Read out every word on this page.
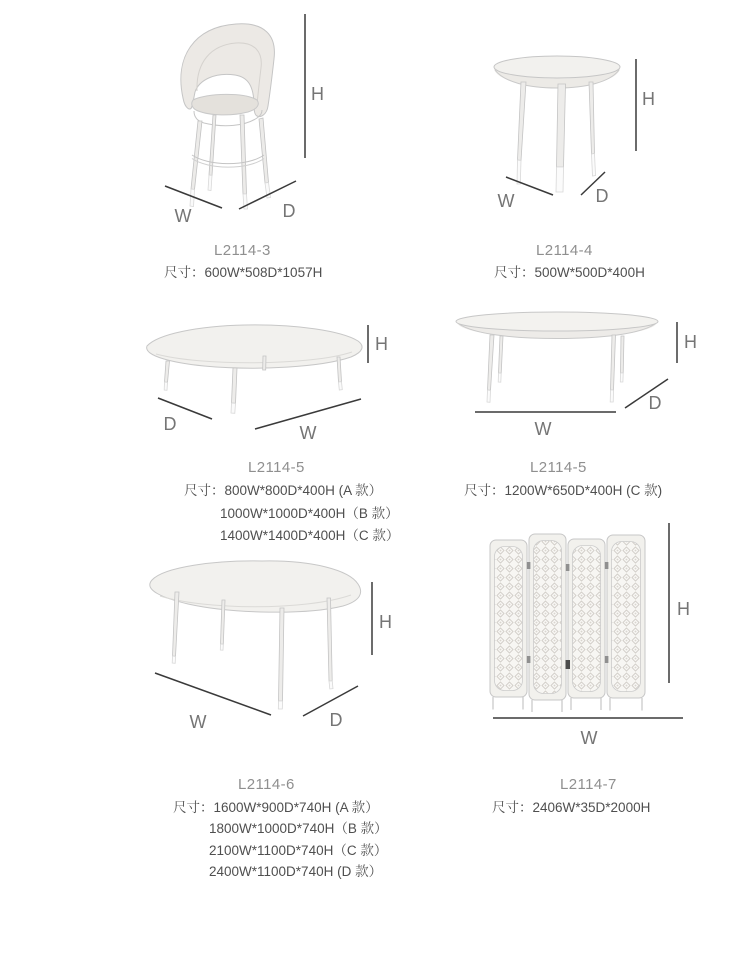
H
W	D
L2114-3
尺寸：600W*508D*1057H
H
W	D
L2114-4
尺寸：500W*500D*400H
H
D	W
L2114-5
尺寸：800W*800D*400H (A 款）
1000W*1000D*400H（B 款）
1400W*1400D*400H（C 款）
H
D
W
L2114-5
尺寸：1200W*650D*400H (C 款)
H
W	D
L2114-6
尺寸：1600W*900D*740H (A 款）
1800W*1000D*740H（B 款）
2100W*1100D*740H（C 款）
2400W*1100D*740H (D 款）
H
W
L2114-7
尺寸：2406W*35D*2000H
